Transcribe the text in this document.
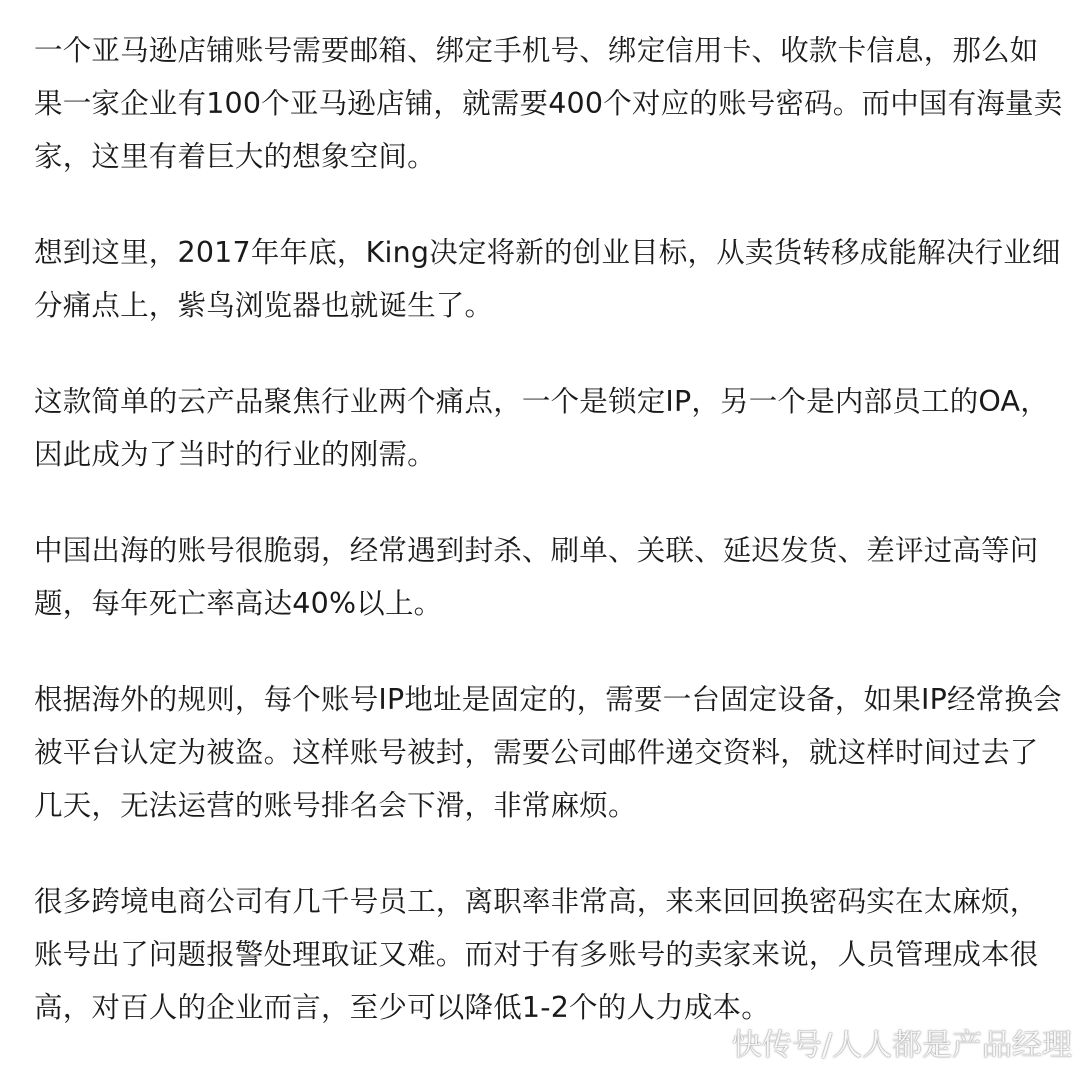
一个亚马逊店铺账号需要邮箱、绑定手机号、绑定信用卡、收款卡信息，那么如果一家企业有100个亚马逊店铺，就需要400个对应的账号密码。而中国有海量卖家，这里有着巨大的想象空间。

想到这里，2017年年底，King决定将新的创业目标，从卖货转移成能解决行业细分痛点上，紫鸟浏览器也就诞生了。

这款简单的云产品聚焦行业两个痛点，一个是锁定IP，另一个是内部员工的OA，因此成为了当时的行业的刚需。

中国出海的账号很脆弱，经常遇到封杀、刷单、关联、延迟发货、差评过高等问题，每年死亡率高达40%以上。

根据海外的规则，每个账号IP地址是固定的，需要一台固定设备，如果IP经常换会被平台认定为被盗。这样账号被封，需要公司邮件递交资料，就这样时间过去了几天，无法运营的账号排名会下滑，非常麻烦。

很多跨境电商公司有几千号员工，离职率非常高，来来回回换密码实在太麻烦，账号出了问题报警处理取证又难。而对于有多账号的卖家来说，人员管理成本很高，对百人的企业而言，至少可以降低1-2个的人力成本。

快传号/人人都是产品经理
